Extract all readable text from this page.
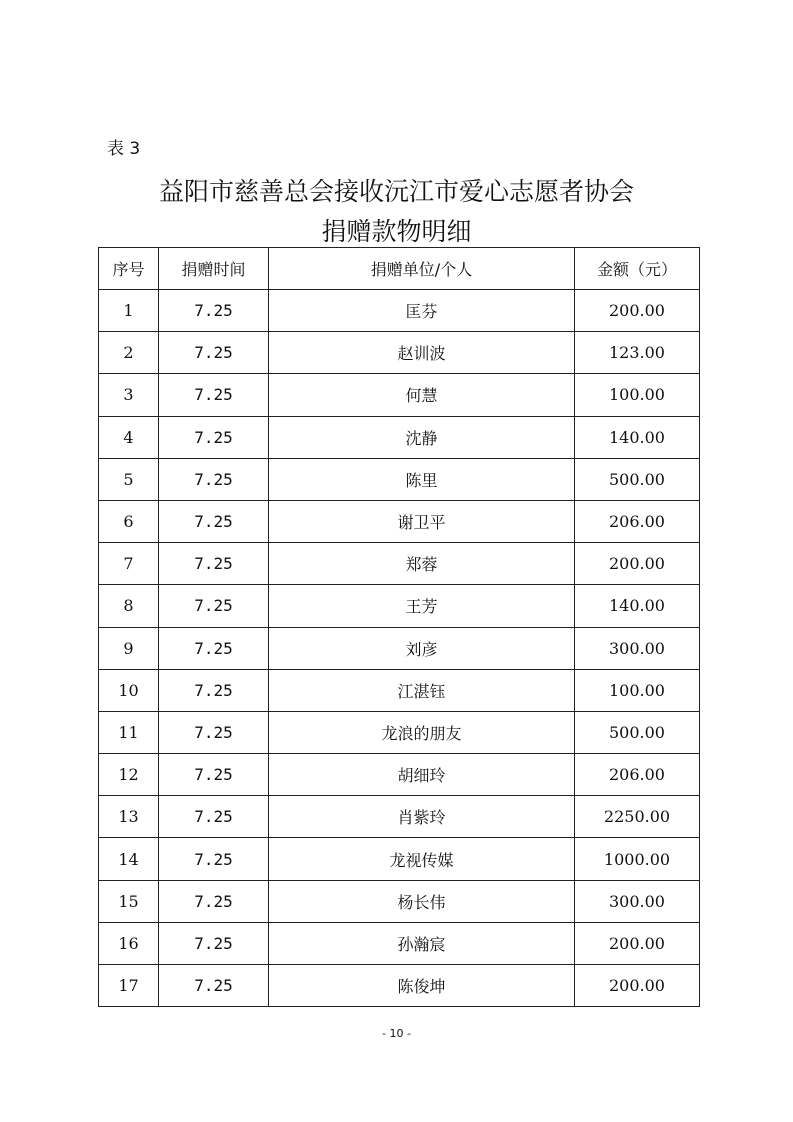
表 3
益阳市慈善总会接收沅江市爱心志愿者协会
捐赠款物明细
序号	捐赠时间	捐赠单位/个人	金额（元）
1	7.25	匡芬	200.00
2	7.25	赵训波	123.00
3	7.25	何慧	100.00
4	7.25	沈静	140.00
5	7.25	陈里	500.00
6	7.25	谢卫平	206.00
7	7.25	郑蓉	200.00
8	7.25	王芳	140.00
9	7.25	刘彦	300.00
10	7.25	江湛钰	100.00
11	7.25	龙浪的朋友	500.00
12	7.25	胡细玲	206.00
13	7.25	肖紫玲	2250.00
14	7.25	龙视传媒	1000.00
15	7.25	杨长伟	300.00
16	7.25	孙瀚宸	200.00
17	7.25	陈俊坤	200.00
- 10 -
